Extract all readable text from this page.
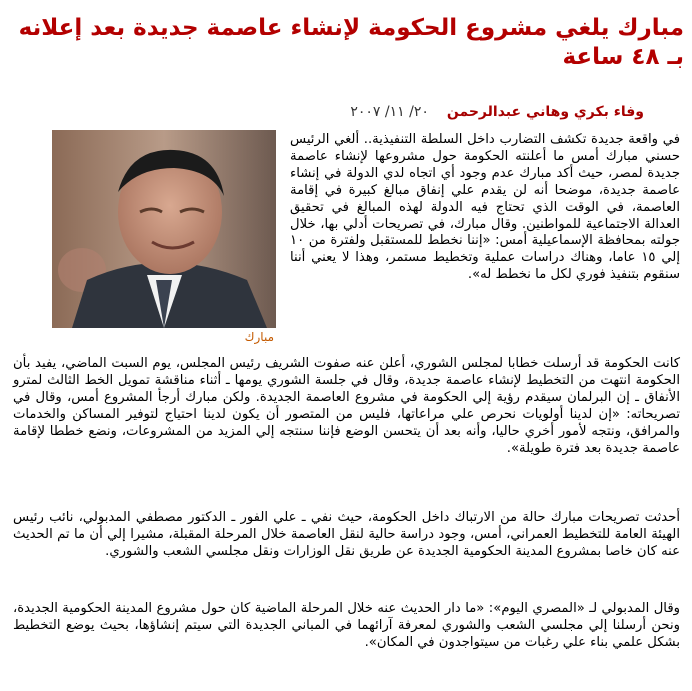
مبارك يلغي مشروع الحكومة لإنشاء عاصمة جديدة بعد إعلانه بـ ٤٨ ساعة
وفاء بكري وهاني عبدالرحمن
٢٠/ ١١/ ٢٠٠٧
مبارك

في واقعة جديدة تكشف التضارب داخل السلطة التنفيذية.. ألغي الرئيس حسني مبارك أمس ما أعلنته الحكومة حول مشروعها لإنشاء عاصمة جديدة لمصر، حيث أكد مبارك عدم وجود أي اتجاه لدي الدولة في إنشاء عاصمة جديدة، موضحا أنه لن يقدم علي إنفاق مبالغ كبيرة في إقامة العاصمة، في الوقت الذي تحتاج فيه الدولة لهذه المبالغ في تحقيق العدالة الاجتماعية للمواطنين. وقال مبارك، في تصريحات أدلي بها، خلال جولته بمحافظة الإسماعيلية أمس: «إننا نخطط للمستقبل ولفترة من ١٠ إلي ١٥ عاما، وهناك دراسات عملية وتخطيط مستمر، وهذا لا يعني أننا سنقوم بتنفيذ فوري لكل ما نخطط له».

كانت الحكومة قد أرسلت خطابا لمجلس الشوري، أعلن عنه صفوت الشريف رئيس المجلس، يوم السبت الماضي، يفيد بأن الحكومة انتهت من التخطيط لإنشاء عاصمة جديدة، وقال في جلسة الشوري يومها ـ أثناء مناقشة تمويل الخط الثالث لمترو الأنفاق ـ إن البرلمان سيقدم رؤية إلي الحكومة في مشروع العاصمة الجديدة. ولكن مبارك أرجأ المشروع أمس، وقال في تصريحاته: «إن لدينا أولويات نحرص علي مراعاتها، فليس من المتصور أن يكون لدينا احتياج لتوفير المساكن والخدمات والمرافق، ونتجه لأمور أخري حاليا، وأنه بعد أن يتحسن الوضع فإننا سنتجه إلي المزيد من المشروعات، ونضع خططا لإقامة عاصمة جديدة بعد فترة طويلة».

أحدثت تصريحات مبارك حالة من الارتباك داخل الحكومة، حيث نفي ـ علي الفور ـ الدكتور مصطفي المدبولي، نائب رئيس الهيئة العامة للتخطيط العمراني، أمس، وجود دراسة حالية لنقل العاصمة خلال المرحلة المقبلة، مشيرا إلي أن ما تم الحديث عنه كان خاصا بمشروع المدينة الحكومية الجديدة عن طريق نقل الوزارات ونقل مجلسي الشعب والشوري.

وقال المدبولي لـ «المصري اليوم»: «ما دار الحديث عنه خلال المرحلة الماضية كان حول مشروع المدينة الحكومية الجديدة، ونحن أرسلنا إلي مجلسي الشعب والشوري لمعرفة آرائهما في المباني الجديدة التي سيتم إنشاؤها، بحيث يوضع التخطيط بشكل علمي بناء علي رغبات من سيتواجدون في المكان».
